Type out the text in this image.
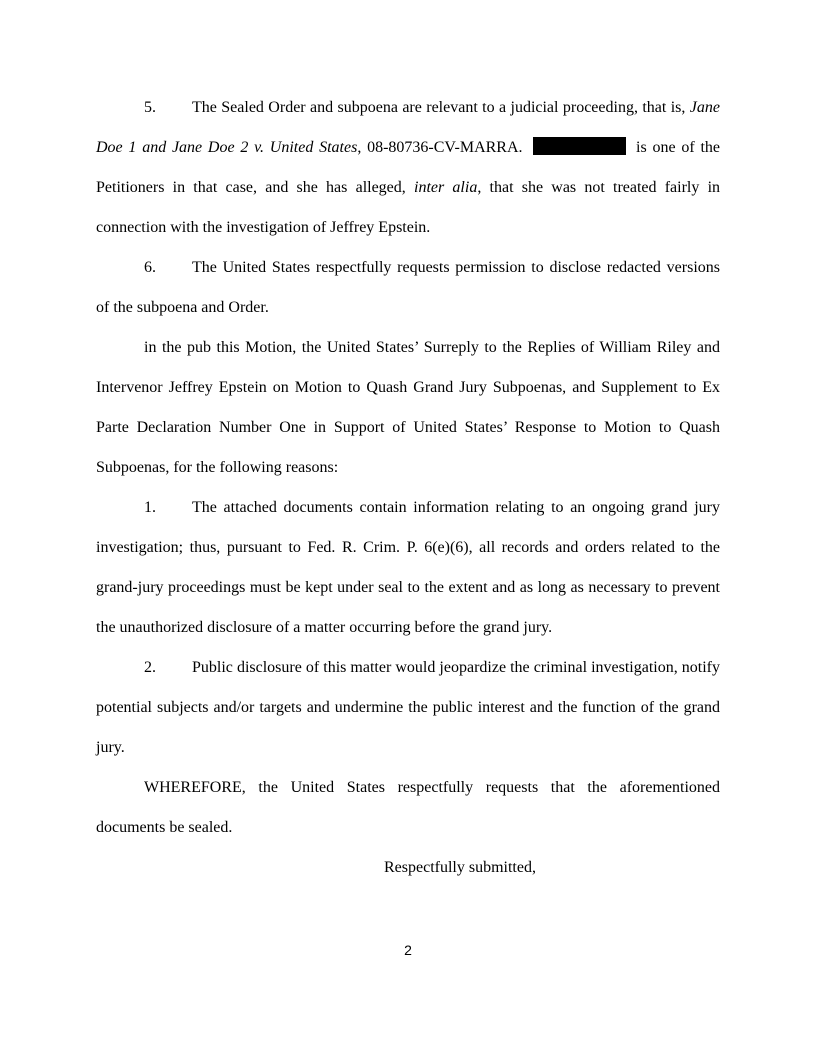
5. The Sealed Order and subpoena are relevant to a judicial proceeding, that is, Jane Doe 1 and Jane Doe 2 v. United States, 08-80736-CV-MARRA.	is one of the Petitioners in that case, and she has alleged, inter alia, that she was not treated fairly in connection with the investigation of Jeffrey Epstein.

6. The United States respectfully requests permission to disclose redacted versions of the subpoena and Order.

in the pub this Motion, the United States’ Surreply to the Replies of William Riley and Intervenor Jeffrey Epstein on Motion to Quash Grand Jury Subpoenas, and Supplement to Ex Parte Declaration Number One in Support of United States’ Response to Motion to Quash Subpoenas, for the following reasons:

1. The attached documents contain information relating to an ongoing grand jury investigation; thus, pursuant to Fed. R. Crim. P. 6(e)(6), all records and orders related to the grand-jury proceedings must be kept under seal to the extent and as long as necessary to prevent the unauthorized disclosure of a matter occurring before the grand jury.

2. Public disclosure of this matter would jeopardize the criminal investigation, notify potential subjects and/or targets and undermine the public interest and the function of the grand jury.

WHEREFORE, the United States respectfully requests that the aforementioned documents be sealed.

Respectfully submitted,

2
